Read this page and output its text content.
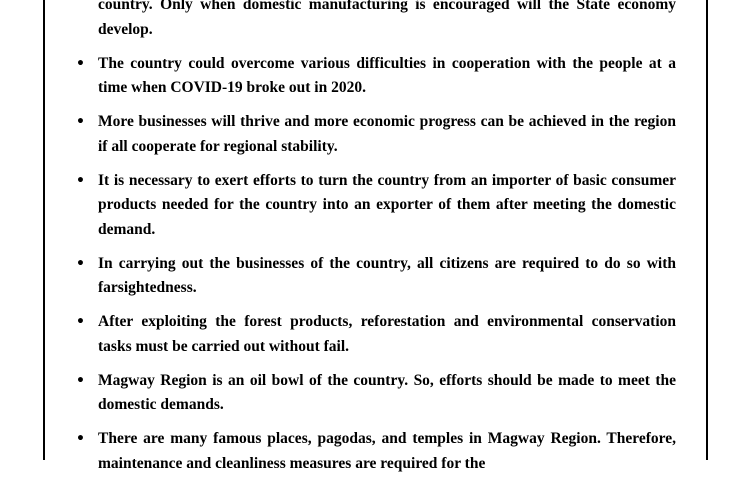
country. Only when domestic manufacturing is encouraged will the State economy develop.
• The country could overcome various difficulties in cooperation with the people at a time when COVID-19 broke out in 2020.
• More businesses will thrive and more economic progress can be achieved in the region if all cooperate for regional stability.
• It is necessary to exert efforts to turn the country from an importer of basic consumer products needed for the country into an exporter of them after meeting the domestic demand.
• In carrying out the businesses of the country, all citizens are required to do so with farsightedness.
• After exploiting the forest products, reforestation and environmental conservation tasks must be carried out without fail.
• Magway Region is an oil bowl of the country. So, efforts should be made to meet the domestic demands.
• There are many famous places, pagodas, and temples in Magway Region. Therefore, maintenance and cleanliness measures are required for the
